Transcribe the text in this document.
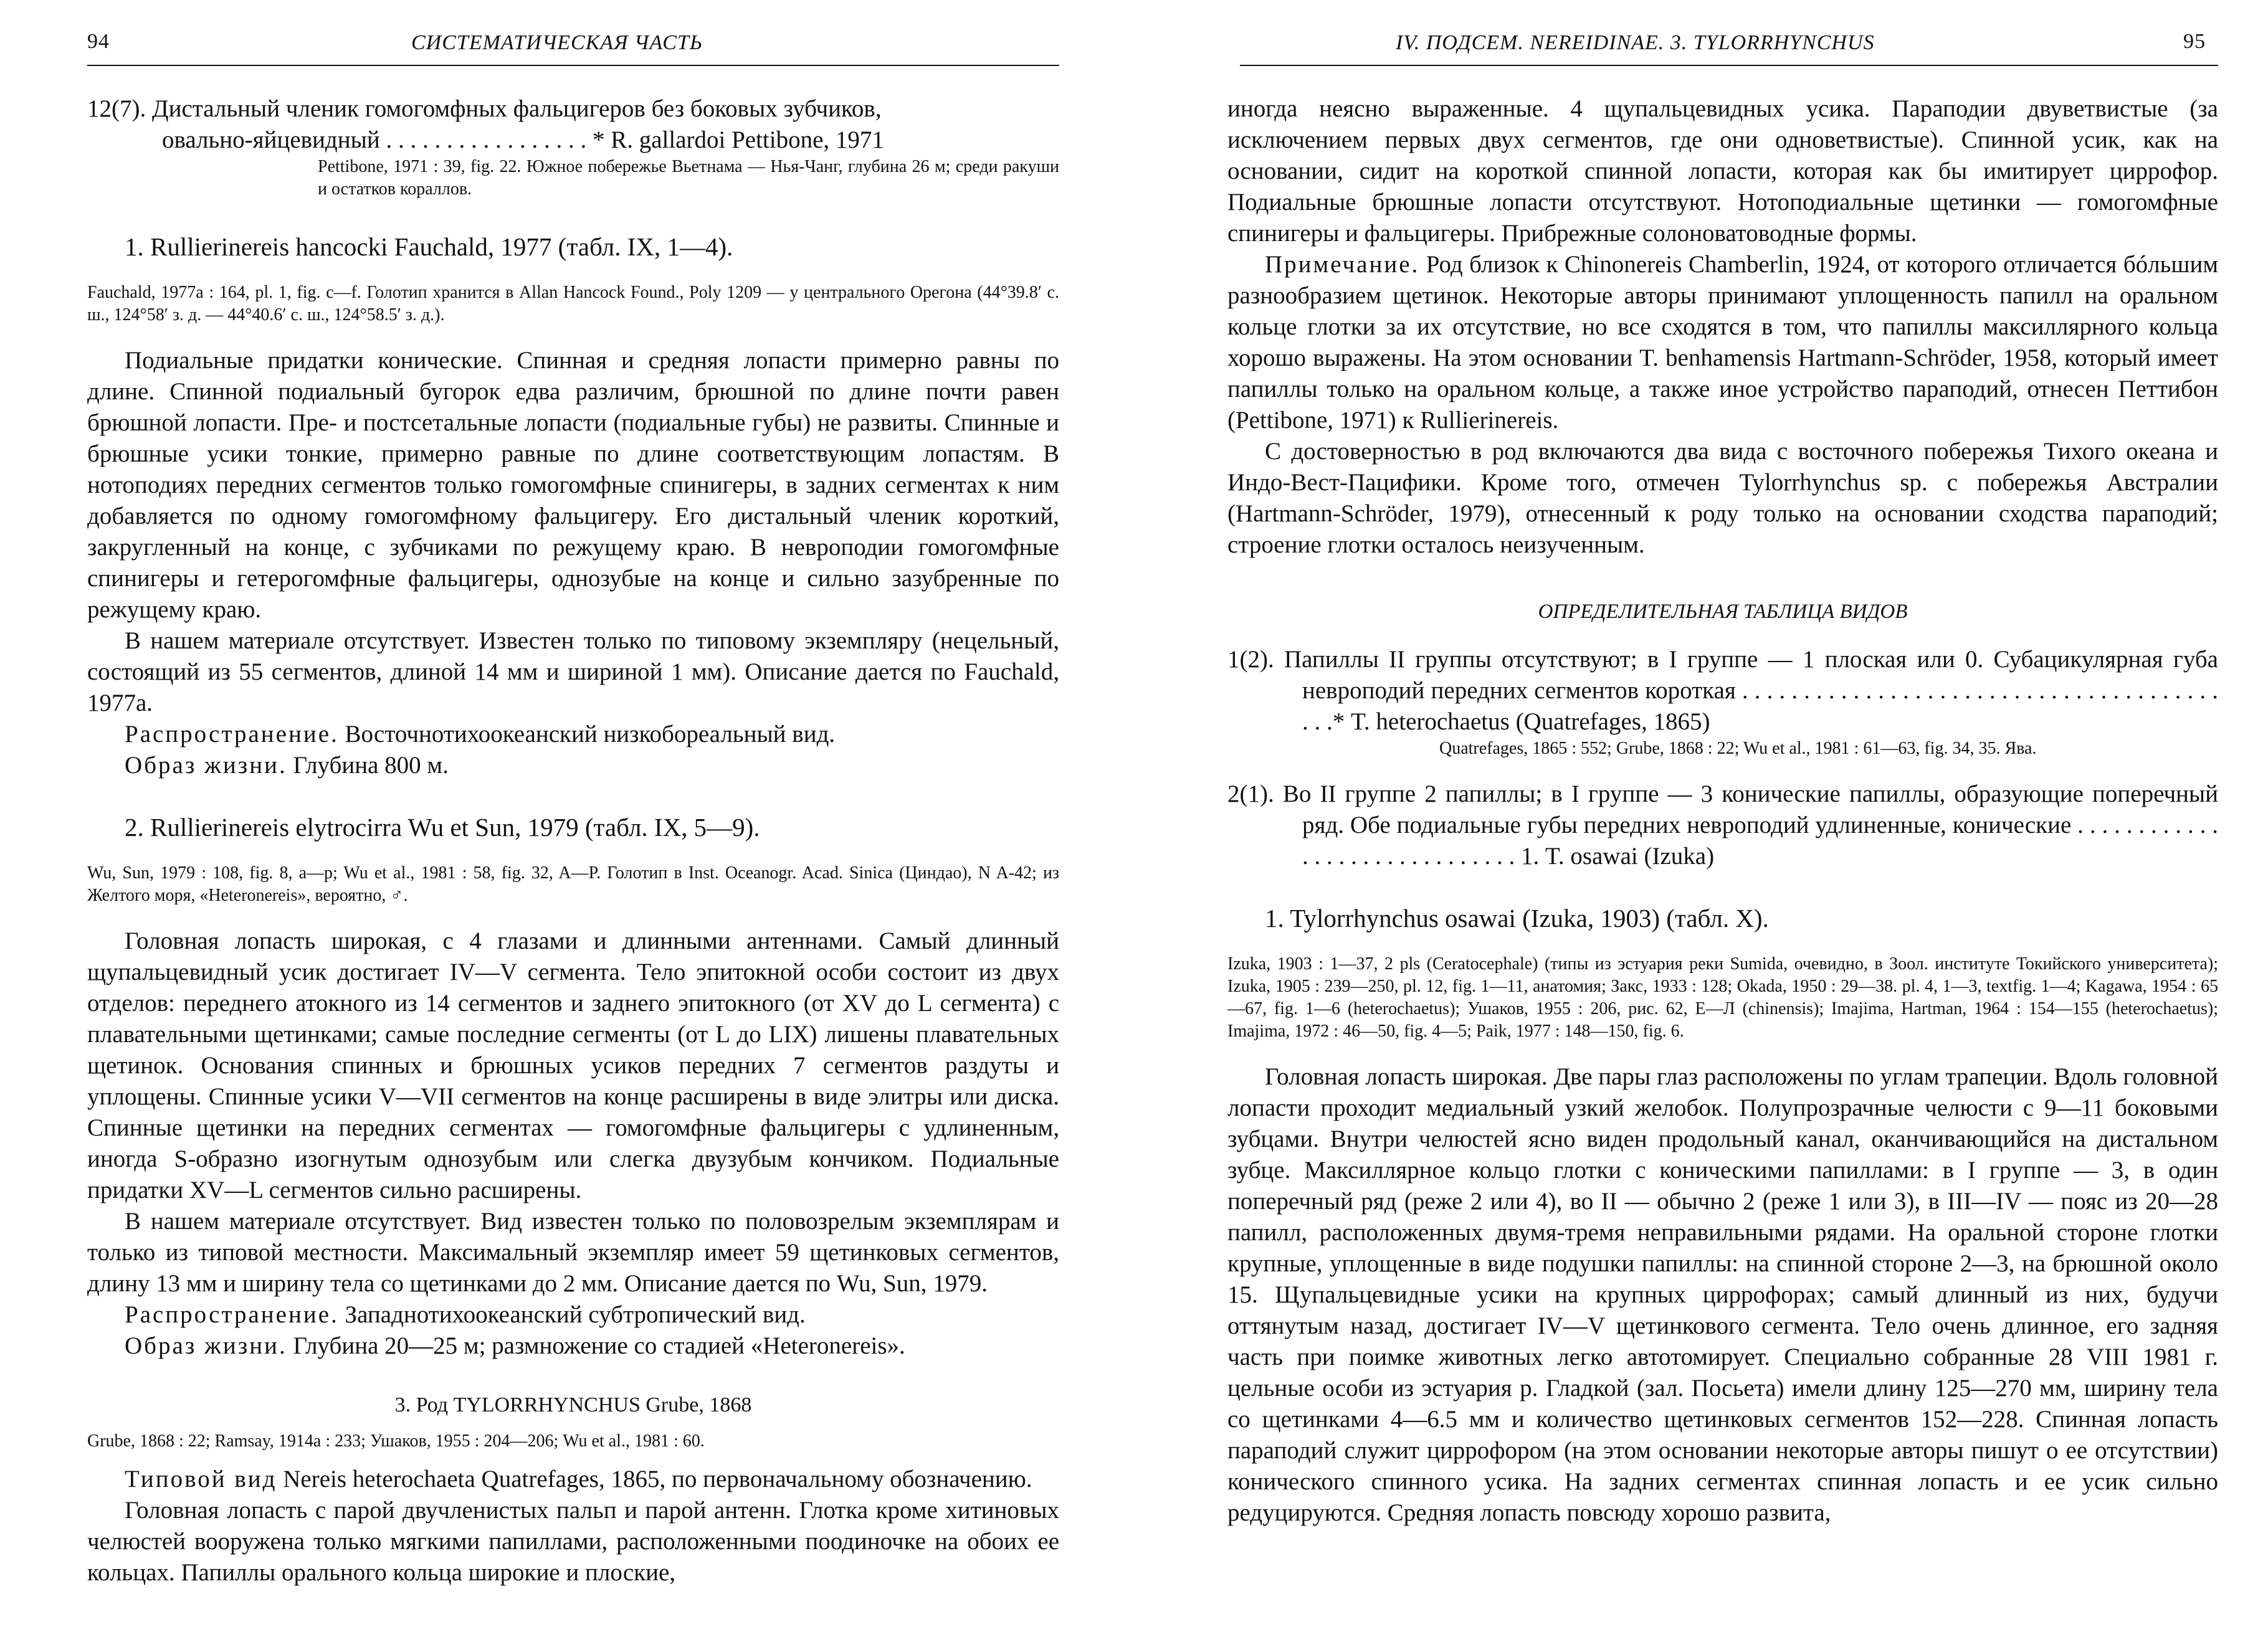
94	СИСТЕМАТИЧЕСКАЯ ЧАСТЬ

12(7). Дистальный членик гомогомфных фальцигеров без боковых зубчиков,

овально-яйцевидный . . . . . . . . . . . . . . . . . * R. gallardoi Pettibone, 1971

Pettibone, 1971 : 39, fig. 22. Южное побережье Вьетнама — Нья-Чанг, глубина 26 м; среди ракуши и остатков кораллов.

1. Rullierinereis hancocki Fauchald, 1977 (табл. IX, 1—4).

Fauchald, 1977a : 164, pl. 1, fig. c—f. Голотип хранится в Allan Hancock Found., Poly 1209 — у центрального Орегона (44°39.8′ с. ш., 124°58′ з. д. — 44°40.6′ с. ш., 124°58.5′ з. д.).

Подиальные придатки конические. Спинная и средняя лопасти примерно равны по длине. Спинной подиальный бугорок едва различим, брюшной по длине почти равен брюшной лопасти. Пре- и постсетальные лопасти (подиальные губы) не развиты. Спинные и брюшные усики тонкие, примерно равные по длине соответствующим лопастям. В нотоподиях передних сегментов только гомогомфные спинигеры, в задних сегментах к ним добавляется по одному гомогомфному фальцигеру. Его дистальный членик короткий, закругленный на конце, с зубчиками по режущему краю. В невроподии гомогомфные спинигеры и гетерогомфные фальцигеры, однозубые на конце и сильно зазубренные по режущему краю.

В нашем материале отсутствует. Известен только по типовому экземпляру (нецельный, состоящий из 55 сегментов, длиной 14 мм и шириной 1 мм). Описание дается по Fauchald, 1977a.

Распространение. Восточнотихоокеанский низкобореальный вид.

Образ жизни. Глубина 800 м.

2. Rullierinereis elytrocirra Wu et Sun, 1979 (табл. IX, 5—9).

Wu, Sun, 1979 : 108, fig. 8, a—p; Wu et al., 1981 : 58, fig. 32, A—P. Голотип в Inst. Oceanogr. Acad. Sinica (Циндао), N A-42; из Желтого моря, «Heteronereis», вероятно, ♂.

Головная лопасть широкая, с 4 глазами и длинными антеннами. Самый длинный щупальцевидный усик достигает IV—V сегмента. Тело эпитокной особи состоит из двух отделов: переднего атокного из 14 сегментов и заднего эпитокного (от XV до L сегмента) с плавательными щетинками; самые последние сегменты (от L до LIX) лишены плавательных щетинок. Основания спинных и брюшных усиков передних 7 сегментов раздуты и уплощены. Спинные усики V—VII сегментов на конце расширены в виде элитры или диска. Спинные щетинки на передних сегментах — гомогомфные фальцигеры с удлиненным, иногда S-образно изогнутым однозубым или слегка двузубым кончиком. Подиальные придатки XV—L сегментов сильно расширены.

В нашем материале отсутствует. Вид известен только по половозрелым экземплярам и только из типовой местности. Максимальный экземпляр имеет 59 щетинковых сегментов, длину 13 мм и ширину тела со щетинками до 2 мм. Описание дается по Wu, Sun, 1979.

Распространение. Западнотихоокеанский субтропический вид.

Образ жизни. Глубина 20—25 м; размножение со стадией «Heteronereis».

3. Род TYLORRHYNCHUS Grube, 1868

Grube, 1868 : 22; Ramsay, 1914a : 233; Ушаков, 1955 : 204—206; Wu et al., 1981 : 60.

Типовой вид Nereis heterochaeta Quatrefages, 1865, по первоначальному обозначению.

Головная лопасть с парой двучленистых пальп и парой антенн. Глотка кроме хитиновых челюстей вооружена только мягкими папиллами, расположенными поодиночке на обоих ее кольцах. Папиллы орального кольца широкие и плоские,

IV. ПОДСЕМ. NEREIDINAE. 3. TYLORRHYNCHUS	95

иногда неясно выраженные. 4 щупальцевидных усика. Параподии двуветвистые (за исключением первых двух сегментов, где они одноветвистые). Спинной усик, как на основании, сидит на короткой спинной лопасти, которая как бы имитирует циррофор. Подиальные брюшные лопасти отсутствуют. Нотоподиальные щетинки — гомогомфные спинигеры и фальцигеры. Прибрежные солоноватоводные формы.

Примечание. Род близок к Chinonereis Chamberlin, 1924, от которого отличается бóльшим разнообразием щетинок. Некоторые авторы принимают уплощенность папилл на оральном кольце глотки за их отсутствие, но все сходятся в том, что папиллы максиллярного кольца хорошо выражены. На этом основании T. benhamensis Hartmann-Schröder, 1958, который имеет папиллы только на оральном кольце, а также иное устройство параподий, отнесен Петтибон (Pettibone, 1971) к Rullierinereis.

С достоверностью в род включаются два вида с восточного побережья Тихого океана и Индо-Вест-Пацифики. Кроме того, отмечен Tylorrhynchus sp. с побережья Австралии (Hartmann-Schröder, 1979), отнесенный к роду только на основании сходства параподий; строение глотки осталось неизученным.

ОПРЕДЕЛИТЕЛЬНАЯ ТАБЛИЦА ВИДОВ

1(2). Папиллы II группы отсутствуют; в I группе — 1 плоская или 0. Субацикулярная губа невроподий передних сегментов короткая . . . . . . . . . . . . . . . . . . . . . . . . . . . . . . . . . . . . . . . . . .* T. heterochaetus (Quatrefages, 1865)

Quatrefages, 1865 : 552; Grube, 1868 : 22; Wu et al., 1981 : 61—63, fig. 34, 35. Ява.

2(1). Во II группе 2 папиллы; в I группе — 3 конические папиллы, образующие поперечный ряд. Обе подиальные губы передних невроподий удлиненные, конические . . . . . . . . . . . . . . . . . . . . . . . . . . . . . . 1. T. osawai (Izuka)

1. Tylorrhynchus osawai (Izuka, 1903) (табл. X).

Izuka, 1903 : 1—37, 2 pls (Ceratocephale) (типы из эстуария реки Sumida, очевидно, в Зоол. институте Токийского университета); Izuka, 1905 : 239—250, pl. 12, fig. 1—11, анатомия; Закс, 1933 : 128; Okada, 1950 : 29—38. pl. 4, 1—3, textfig. 1—4; Kagawa, 1954 : 65—67, fig. 1—6 (heterochaetus); Ушаков, 1955 : 206, рис. 62, Е—Л (chinensis); Imajima, Hartman, 1964 : 154—155 (heterochaetus); Imajima, 1972 : 46—50, fig. 4—5; Paik, 1977 : 148—150, fig. 6.

Головная лопасть широкая. Две пары глаз расположены по углам трапеции. Вдоль головной лопасти проходит медиальный узкий желобок. Полупрозрачные челюсти с 9—11 боковыми зубцами. Внутри челюстей ясно виден продольный канал, оканчивающийся на дистальном зубце. Максиллярное кольцо глотки с коническими папиллами: в I группе — 3, в один поперечный ряд (реже 2 или 4), во II — обычно 2 (реже 1 или 3), в III—IV — пояс из 20—28 папилл, расположенных двумя-тремя неправильными рядами. На оральной стороне глотки крупные, уплощенные в виде подушки папиллы: на спинной стороне 2—3, на брюшной около 15. Щупальцевидные усики на крупных циррофорах; самый длинный из них, будучи оттянутым назад, достигает IV—V щетинкового сегмента. Тело очень длинное, его задняя часть при поимке животных легко автотомирует. Специально собранные 28 VIII 1981 г. цельные особи из эстуария р. Гладкой (зал. Посьета) имели длину 125—270 мм, ширину тела со щетинками 4—6.5 мм и количество щетинковых сегментов 152—228. Спинная лопасть параподий служит циррофором (на этом основании некоторые авторы пишут о ее отсутствии) конического спинного усика. На задних сегментах спинная лопасть и ее усик сильно редуцируются. Средняя лопасть повсюду хорошо развита,
